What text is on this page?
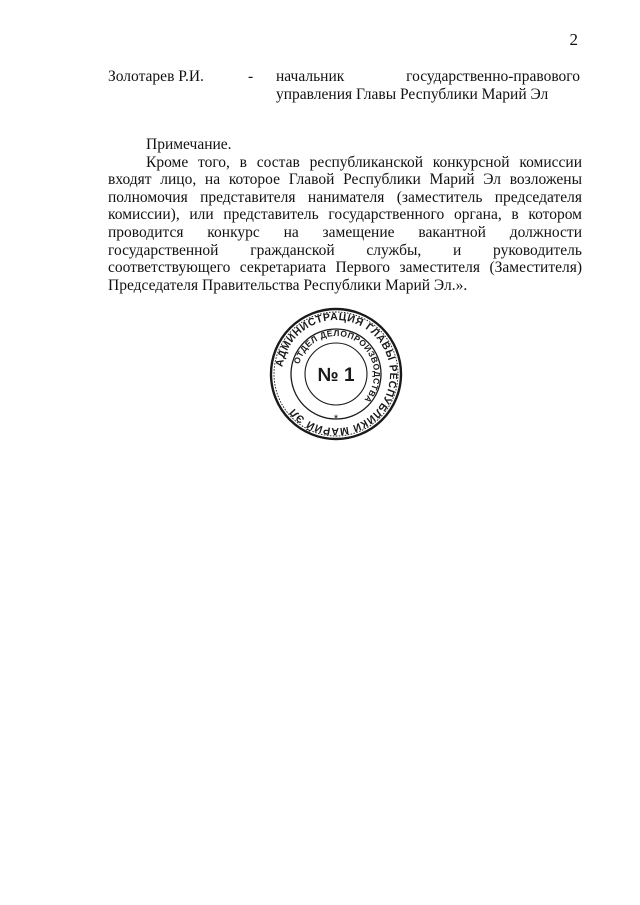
2
Золотарев Р.И.	- начальник	государственно-правового
управления Главы Республики Марий Эл

Примечание.

Кроме того, в состав республиканской конкурсной комиссии входят лицо, на которое Главой Республики Марий Эл возложены полномочия представителя нанимателя (заместитель председателя комиссии), или представитель государственного органа, в котором проводится конкурс на замещение вакантной должности государственной гражданской службы, и руководитель соответствующего секретариата Первого заместителя (Заместителя) Председателя Правительства Республики Марий Эл.».

АДМИНИСТРАЦИЯ ГЛАВЫ РЕСПУБЛИКИ МАРИЙ ЭЛ
ОТДЕЛ ДЕЛОПРОИЗВОДСТВА
№ 1
*
